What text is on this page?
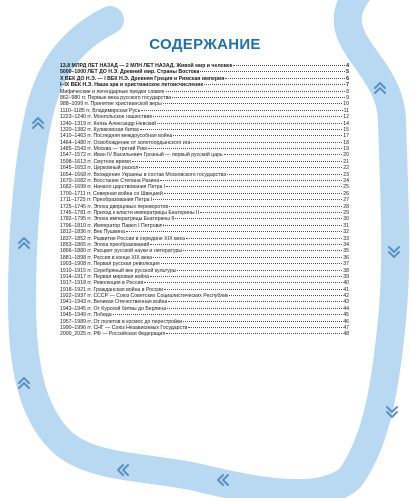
СОДЕРЖАНИЕ
13,8 МЛРД ЛЕТ НАЗАД — 2 МЛН ЛЕТ НАЗАД. Живой мир и человек	4
5000–1000 ЛЕТ ДО Н.Э. Древний мир. Страны Востока	5
X ВЕК ДО Н.Э. — I ВЕК Н.Э. Древняя Греция и Римская империя	6
I–IX ВЕК Н.Э. Наша эра и христианское летоисчисление	7
Мифические и легендарные предки славян	8
862–980 гг. Первые века русского государства	9
988–1099 гг. Принятие христианской веры	10
1110–1185 гг. Владимирская Русь	11
1223–1240 гг. Монгольское нашествие	12
1240–1319 гг. Князь Александр Невский	14
1320–1382 гг. Куликовская битва	15
1410–1463 гг. Последняя междоусобная война	17
1464–1480 гг. Освобождение от золотоордынского ига	18
1485–1543 гг. Москва — третий Рим	19
1547–1572 гг. Иван IV Васильевич Грозный — первый русский царь	20
1598–1613 гг. Смутное время	21
1645–1653 гг. Церковный раскол	22
1654–1668 гг. Вхождение Украины в состав Московского государства	23
1670–1682 гг. Восстание Степана Разина	24
1682–1699 гг. Начало царствования Петра I	25
1700–1711 гг. Северная война со Швецией	26
1711–1725 гг. Преобразования Петра I	27
1725–1745 гг. Эпоха дворцовых переворотов	28
1745–1781 гг. Приход к власти императрицы Екатерины II	29
1782–1795 гг. Эпоха императрицы Екатерины II	30
1796–1810 гг. Император Павел I Петрович	31
1812–1836 гг. Век Пушкина	32
1837–1852 гг. Развитие России в середине XIX века	33
1853–1865 гг. Эпоха преобразований	34
1866–1880 гг. Расцвет русской науки и литературы	35
1881–1898 гг. Россия в конце XIX века	36
1903–1908 гг. Первая русская революция	37
1910–1915 гг. Серебряный век русской культуры	38
1914–1917 гг. Первая мировая война	39
1917–1918 гг. Революция в России	40
1918–1921 гг. Гражданская война в России	41
1922–1937 гг. СССР — Союз Советских Социалистических Республик	42
1941–1943 гг. Великая Отечественная война	43
1943–1945 гг. От Курской битвы до Берлина	44
1945–1949 гг. Победа	45
1957–1989 гг. От полетов в космос до перестройки	46
1990–1996 гг. СНГ — Союз Независимых Государств	47
2000_2025 гг. РФ — Российская Федерация	48
